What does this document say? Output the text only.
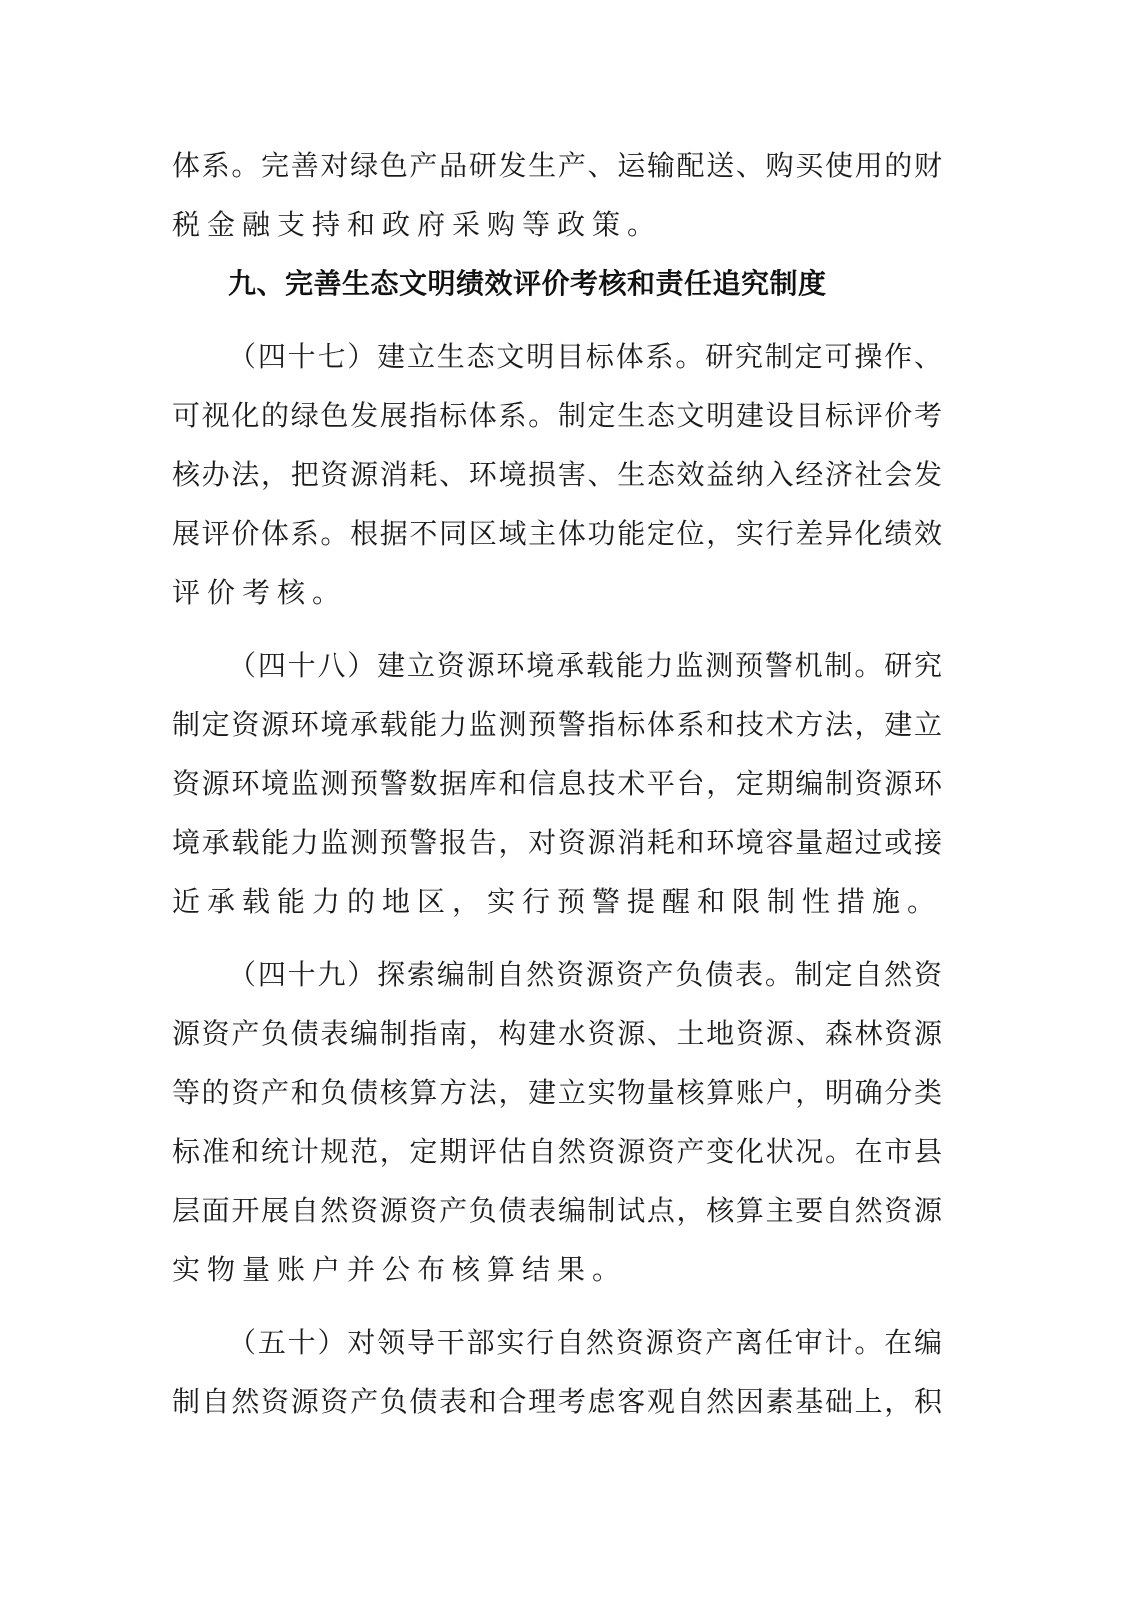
体系。完善对绿色产品研发生产、运输配送、购买使用的财
税金融支持和政府采购等政策。
九、完善生态文明绩效评价考核和责任追究制度
（四十七）建立生态文明目标体系。研究制定可操作、
可视化的绿色发展指标体系。制定生态文明建设目标评价考
核办法，把资源消耗、环境损害、生态效益纳入经济社会发
展评价体系。根据不同区域主体功能定位，实行差异化绩效
评价考核。
（四十八）建立资源环境承载能力监测预警机制。研究
制定资源环境承载能力监测预警指标体系和技术方法，建立
资源环境监测预警数据库和信息技术平台，定期编制资源环
境承载能力监测预警报告，对资源消耗和环境容量超过或接
近承载能力的地区，实行预警提醒和限制性措施。
（四十九）探索编制自然资源资产负债表。制定自然资
源资产负债表编制指南，构建水资源、土地资源、森林资源
等的资产和负债核算方法，建立实物量核算账户，明确分类
标准和统计规范，定期评估自然资源资产变化状况。在市县
层面开展自然资源资产负债表编制试点，核算主要自然资源
实物量账户并公布核算结果。
（五十）对领导干部实行自然资源资产离任审计。在编
制自然资源资产负债表和合理考虑客观自然因素基础上，积
